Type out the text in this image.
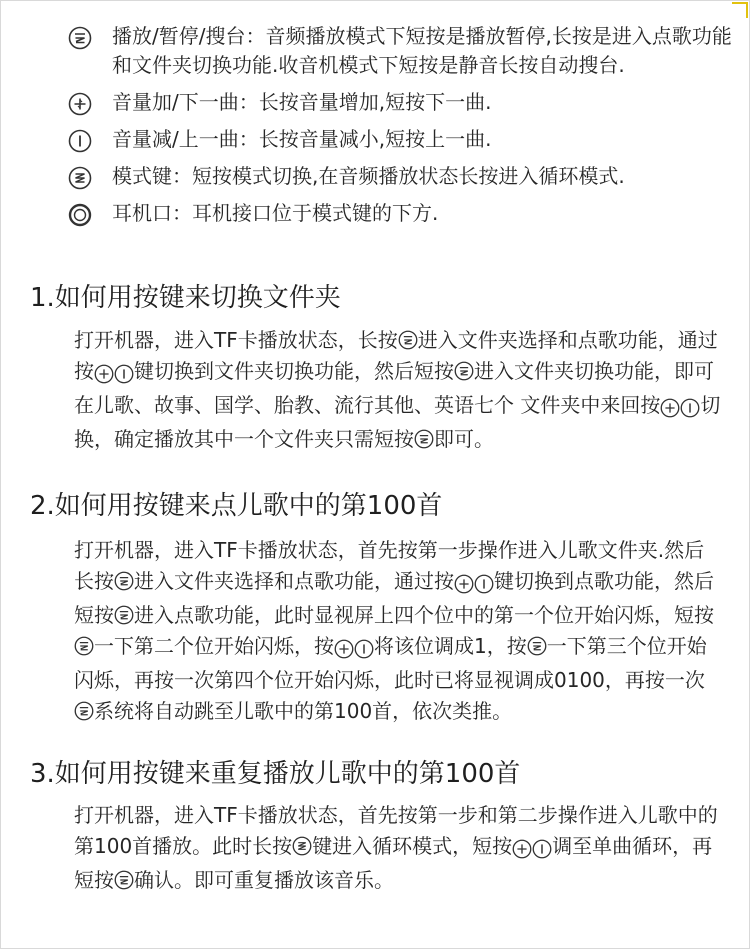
播放/暂停/搜台：音频播放模式下短按是播放暂停,长按是进入点歌功能和文件夹切换功能.收音机模式下短按是静音长按自动搜台.
音量加/下一曲：长按音量增加,短按下一曲.
音量减/上一曲：长按音量减小,短按上一曲.
模式键：短按模式切换,在音频播放状态长按进入循环模式.
耳机口：耳机接口位于模式键的下方.
1.如何用按键来切换文件夹

打开机器，进入TF卡播放状态，长按 进入文件夹选择和点歌功能，通过按 键切换到文件夹切换功能，然后短按 进入文件夹切换功能，即可在儿歌、故事、国学、胎教、流行其他、英语七个 文件夹中来回按 切换，确定播放其中一个文件夹只需短按 即可。

2.如何用按键来点儿歌中的第100首

打开机器，进入TF卡播放状态，首先按第一步操作进入儿歌文件夹.然后长按 进入文件夹选择和点歌功能，通过按 键切换到点歌功能，然后短按 进入点歌功能，此时显视屏上四个位中的第一个位开始闪烁，短按
一下第二个位开始闪烁，按 将该位调成1，按 一下第三个位开始闪烁，再按一次第四个位开始闪烁，此时已将显视调成0100，再按一次
系统将自动跳至儿歌中的第100首，依次类推。

3.如何用按键来重复播放儿歌中的第100首

打开机器，进入TF卡播放状态，首先按第一步和第二步操作进入儿歌中的第100首播放。此时长按 键进入循环模式，短按 调至单曲循环，再短按 确认。即可重复播放该音乐。
